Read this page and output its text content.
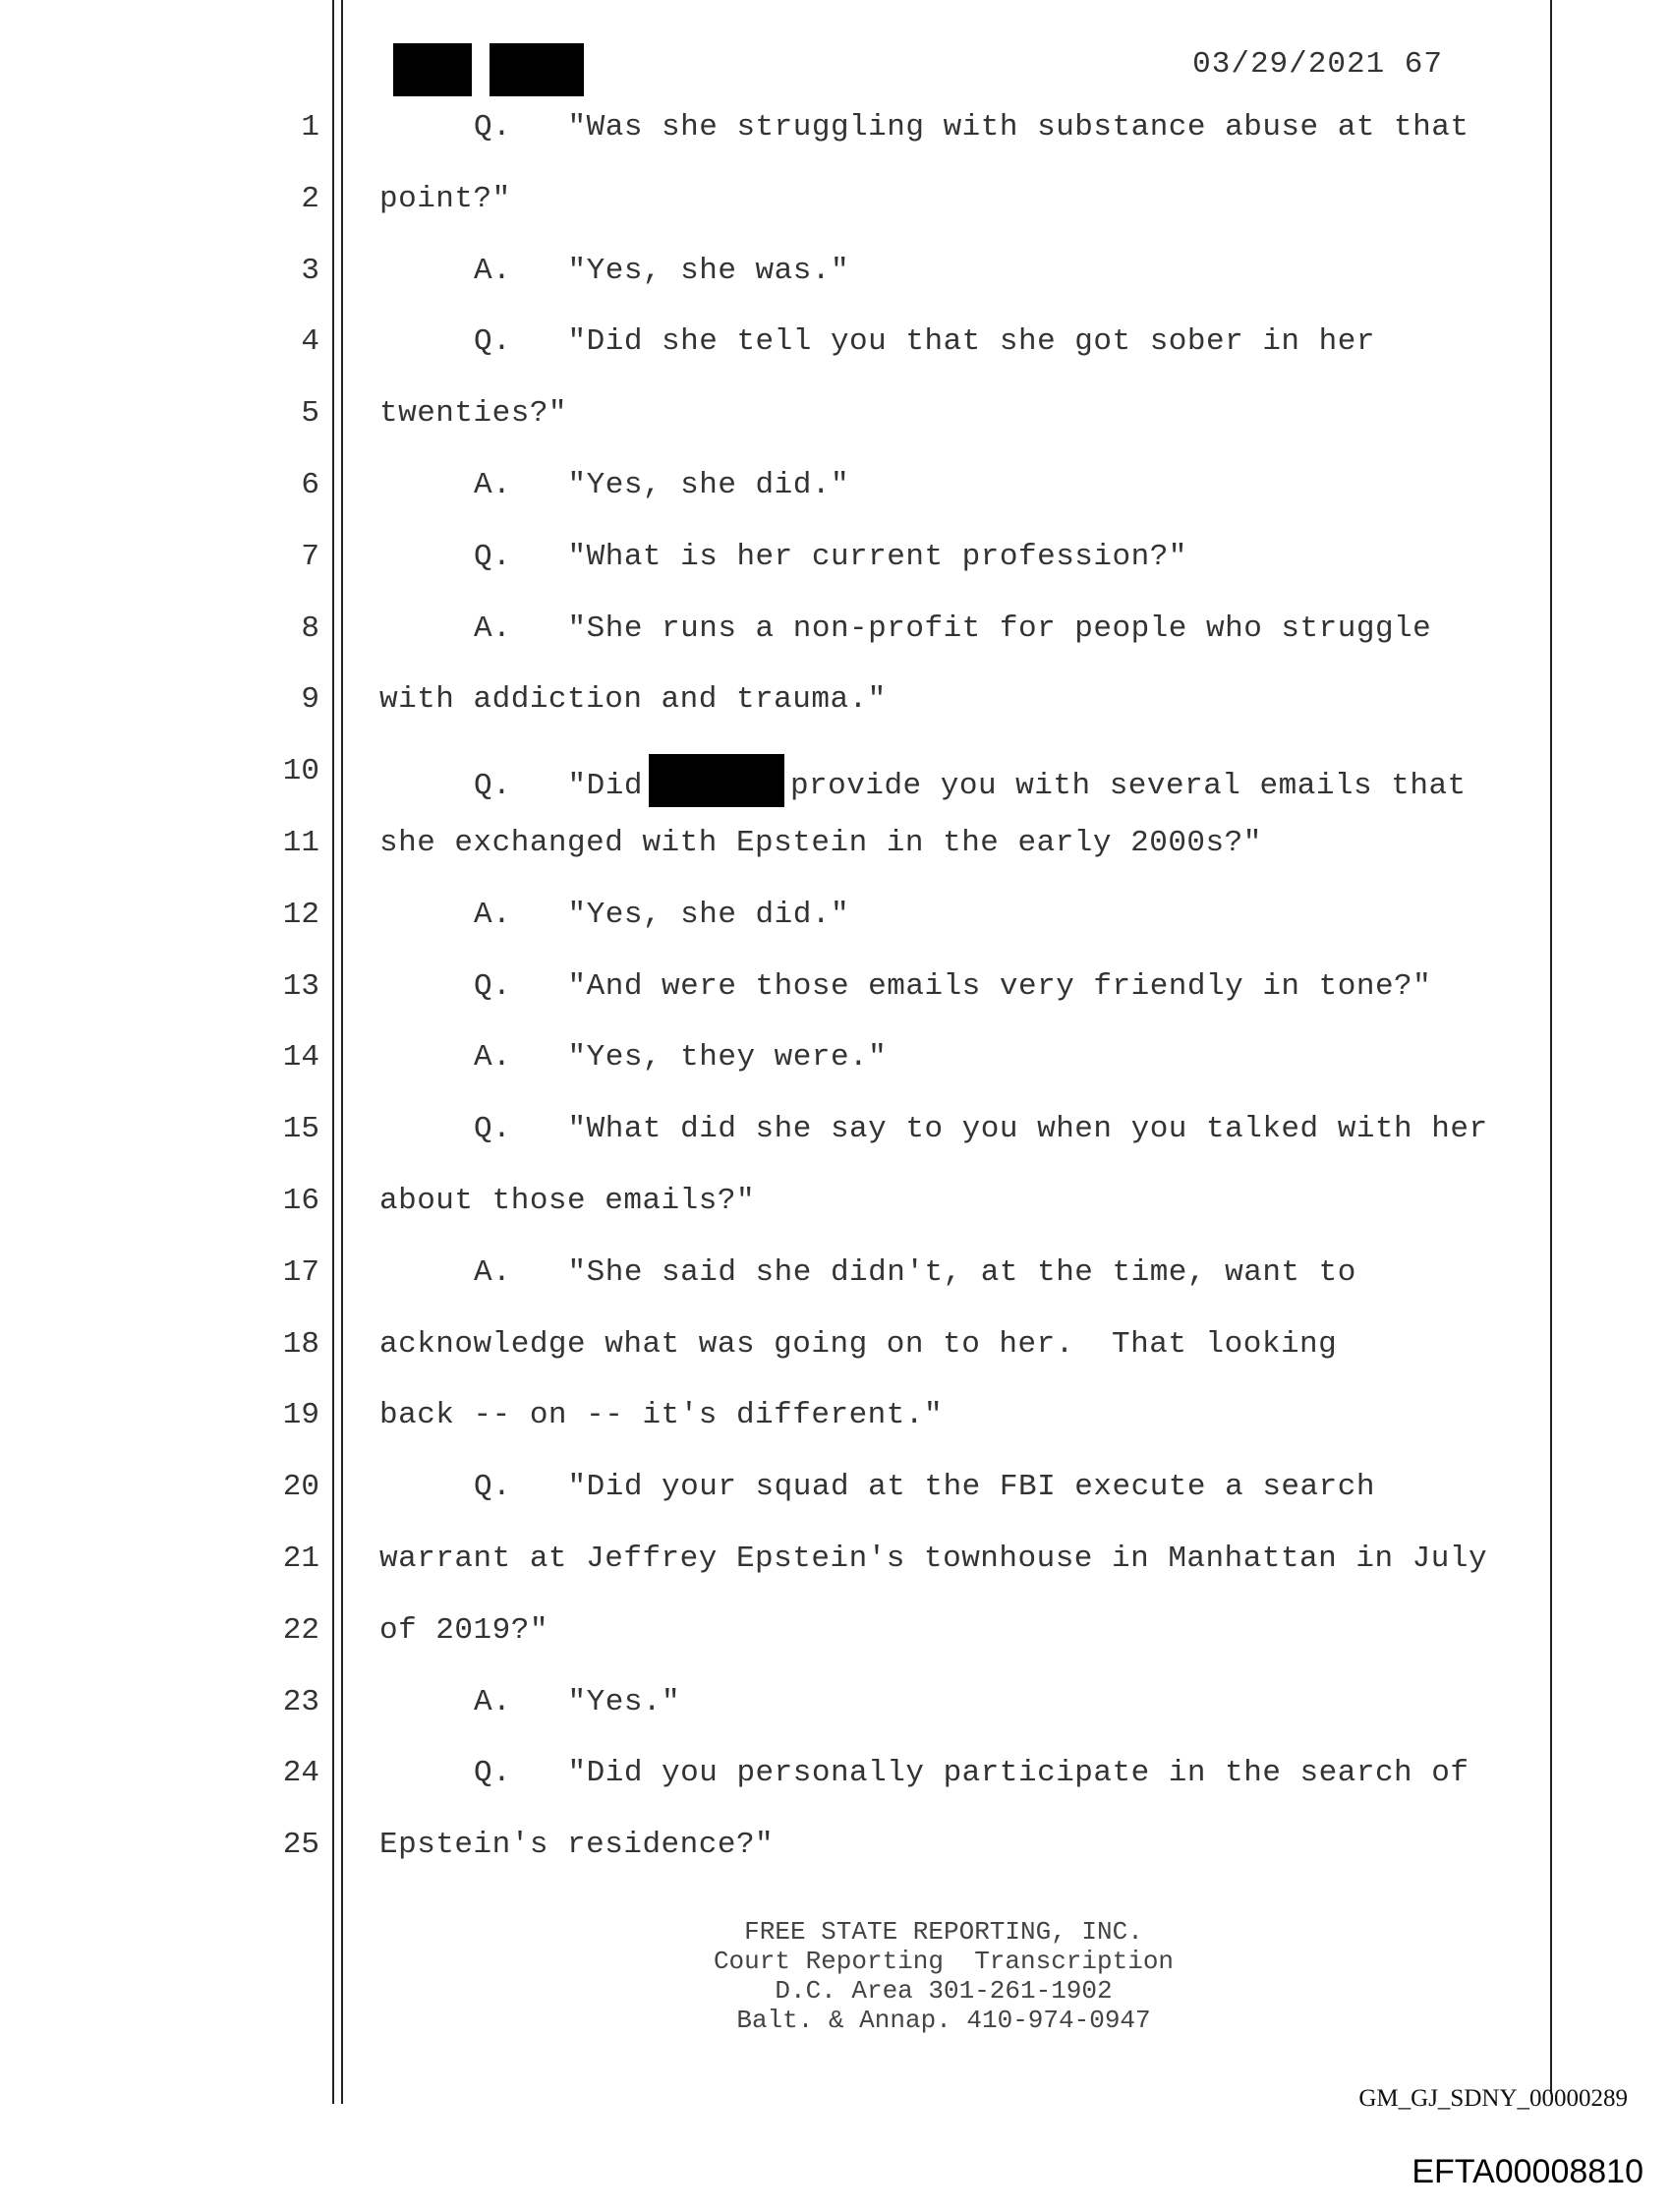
03/29/2021 67
1	Q.   "Was she struggling with substance abuse at that
2 point?"
3	A.   "Yes, she was."
4	Q.   "Did she tell you that she got sober in her
5 twenties?"
6	A.   "Yes, she did."
7	Q.   "What is her current profession?"
8	A.   "She runs a non-profit for people who struggle
9 with addiction and trauma."
10	Q.   "Did	provide you with several emails that
11 she exchanged with Epstein in the early 2000s?"
12	A.   "Yes, she did."
13	Q.   "And were those emails very friendly in tone?"
14	A.   "Yes, they were."
15	Q.   "What did she say to you when you talked with her
16 about those emails?"
17	A.   "She said she didn't, at the time, want to
18 acknowledge what was going on to her.  That looking
19 back -- on -- it's different."
20	Q.   "Did your squad at the FBI execute a search
21 warrant at Jeffrey Epstein's townhouse in Manhattan in July
22 of 2019?"
23	A.   "Yes."
24	Q.   "Did you personally participate in the search of
25 Epstein's residence?"
FREE STATE REPORTING, INC.
Court Reporting  Transcription
D.C. Area 301-261-1902
Balt. & Annap. 410-974-0947
GM_GJ_SDNY_00000289
EFTA00008810
